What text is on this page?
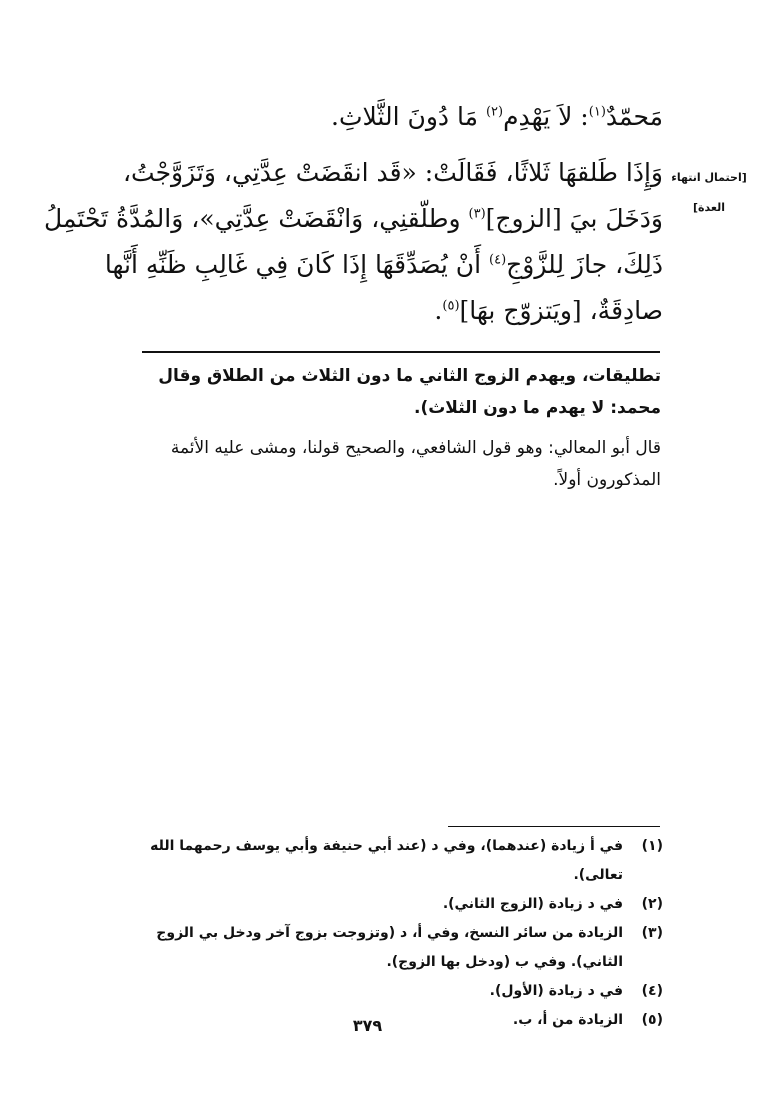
مَحمّدٌ$^{(١)}$: لاَ يَهْدِم$^{(٢)}$ مَا دُونَ الثَّلاثِ.
وَإِذَا طَلقهَا ثَلاثًا، فَقَالَتْ: «قَد انقَضَتْ عِدَّتِي، وَتَزَوَّجْتُ،
وَدَخَلَ بيَ [الزوج]$^{(٣)}$ وطلّقنِي، وَانْقَضَتْ عِدَّتِي»، وَالمُدَّةُ تَحْتَمِلُ
ذَلِكَ، جازَ لِلزَّوْجِ$^{(٤)}$ أَنْ يُصَدِّقَهَا إِذَا كَانَ فِي غَالِبِ ظَنِّهِ أَنَّها
صادِقَةٌ، [ويَتزوّج بهَا]$^{(٥)}$.
[احتمال انتهاء
العدة]

تطليقات، ويهدم الزوج الثاني ما دون الثلاث من الطلاق وقال محمد: لا يهدم ما دون الثلاث).

قال أبو المعالي: وهو قول الشافعي، والصحيح قولنا، ومشى عليه الأئمة المذكورون أولاً.

(١)
في أ زيادة (عندهما)، وفي د (عند أبي حنيفة وأبي يوسف رحمهما الله تعالى).
(٢)
في د زيادة (الزوج الثاني).
(٣)
الزيادة من سائر النسخ، وفي أ، د (وتزوجت بزوج آخر ودخل بي الزوج الثاني). وفي ب (ودخل بها الزوج).
(٤)
في د زيادة (الأول).
(٥)
الزيادة من أ، ب.
٣٧٩
